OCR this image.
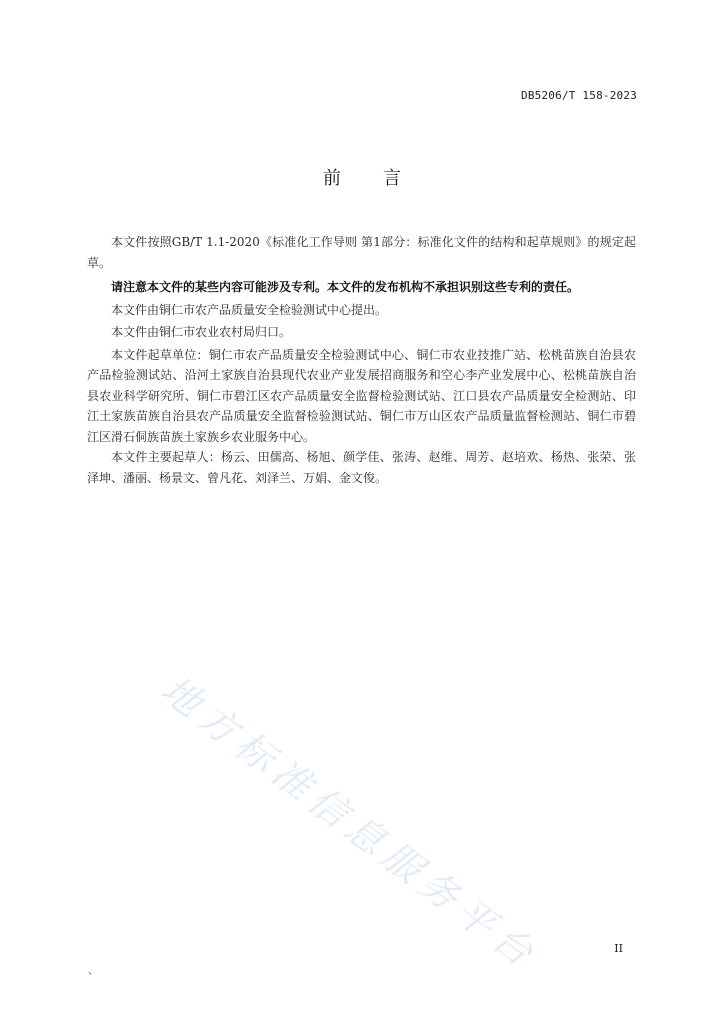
DB5206/T 158-2023
前 言

本文件按照GB/T 1.1-2020《标准化工作导则 第1部分：标准化文件的结构和起草规则》的规定起草。

请注意本文件的某些内容可能涉及专利。本文件的发布机构不承担识别这些专利的责任。

本文件由铜仁市农产品质量安全检验测试中心提出。

本文件由铜仁市农业农村局归口。

本文件起草单位：铜仁市农产品质量安全检验测试中心、铜仁市农业技推广站、松桃苗族自治县农产品检验测试站、沿河土家族自治县现代农业产业发展招商服务和空心李产业发展中心、松桃苗族自治县农业科学研究所、铜仁市碧江区农产品质量安全监督检验测试站、江口县农产品质量安全检测站、印江土家族苗族自治县农产品质量安全监督检验测试站、铜仁市万山区农产品质量监督检测站、铜仁市碧江区滑石侗族苗族土家族乡农业服务中心。

本文件主要起草人：杨云、田儒高、杨旭、颜学佳、张涛、赵维、周芳、赵培欢、杨热、张荣、张泽坤、潘丽、杨景文、曾凡花、刘泽兰、万娟、金文俊。

地方标准信息服务平台	II
、
